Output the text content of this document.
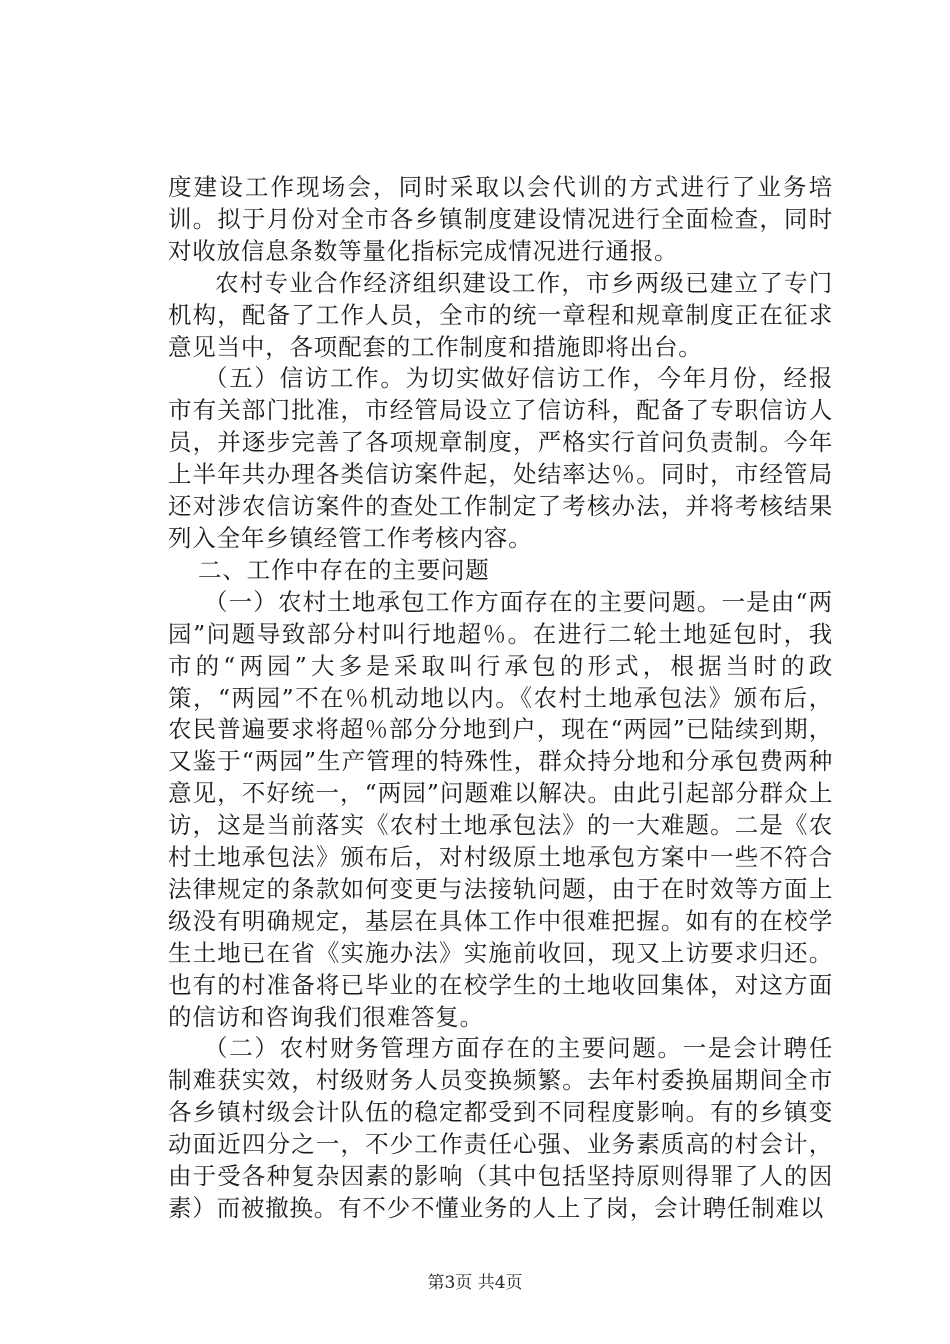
度建设工作现场会，同时采取以会代训的方式进行了业务培训。拟于月份对全市各乡镇制度建设情况进行全面检查，同时对收放信息条数等量化指标完成情况进行通报。

农村专业合作经济组织建设工作，市乡两级已建立了专门机构，配备了工作人员，全市的统一章程和规章制度正在征求意见当中，各项配套的工作制度和措施即将出台。

（五）信访工作。为切实做好信访工作，今年月份，经报市有关部门批准，市经管局设立了信访科，配备了专职信访人员，并逐步完善了各项规章制度，严格实行首问负责制。今年上半年共办理各类信访案件起，处结率达％。同时，市经管局还对涉农信访案件的查处工作制定了考核办法，并将考核结果列入全年乡镇经管工作考核内容。

二、工作中存在的主要问题

（一）农村土地承包工作方面存在的主要问题。一是由“两园”问题导致部分村叫行地超％。在进行二轮土地延包时，我市的“两园”大多是采取叫行承包的形式，根据当时的政策，“两园”不在％机动地以内。《农村土地承包法》颁布后，农民普遍要求将超％部分分地到户，现在“两园”已陆续到期，又鉴于“两园”生产管理的特殊性，群众持分地和分承包费两种意见，不好统一，“两园”问题难以解决。由此引起部分群众上访，这是当前落实《农村土地承包法》的一大难题。二是《农村土地承包法》颁布后，对村级原土地承包方案中一些不符合法律规定的条款如何变更与法接轨问题，由于在时效等方面上级没有明确规定，基层在具体工作中很难把握。如有的在校学生土地已在省《实施办法》实施前收回，现又上访要求归还。也有的村准备将已毕业的在校学生的土地收回集体，对这方面的信访和咨询我们很难答复。

（二）农村财务管理方面存在的主要问题。一是会计聘任制难获实效，村级财务人员变换频繁。去年村委换届期间全市各乡镇村级会计队伍的稳定都受到不同程度影响。有的乡镇变动面近四分之一，不少工作责任心强、业务素质高的村会计，由于受各种复杂因素的影响（其中包括坚持原则得罪了人的因素）而被撤换。有不少不懂业务的人上了岗，会计聘任制难以

第3页 共4页
